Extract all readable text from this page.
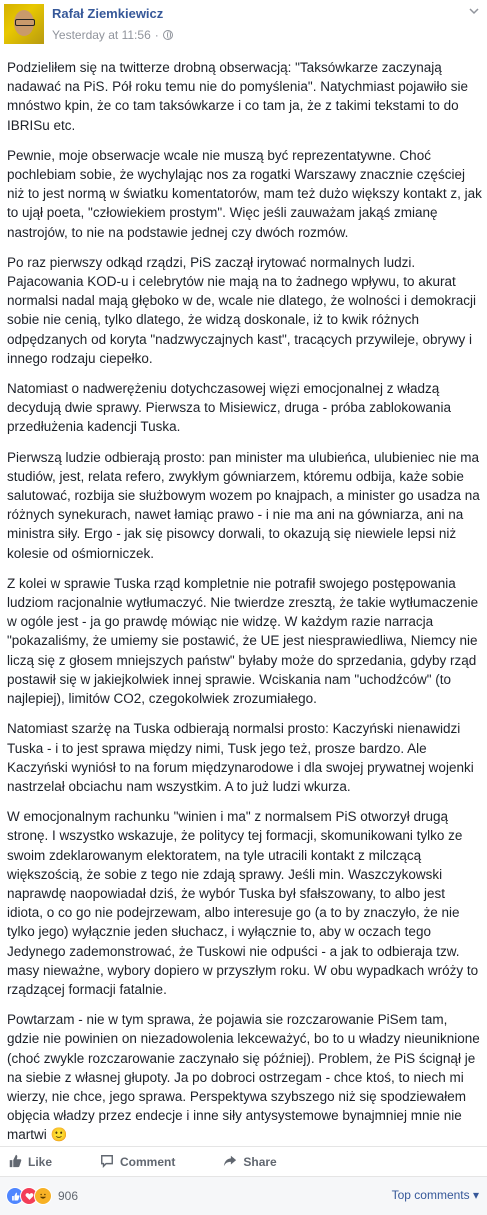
Rafał Ziemkiewicz
Yesterday at 11:56 ·

Podzieliłem się na twitterze drobną obserwacją: "Taksówkarze zaczynają nadawać na PiS. Pół roku temu nie do pomyślenia". Natychmiast pojawiło sie mnóstwo kpin, że co tam taksówkarze i co tam ja, że z takimi tekstami to do IBRISu etc.

Pewnie, moje obserwacje wcale nie muszą być reprezentatywne. Choć pochlebiam sobie, że wychylając nos za rogatki Warszawy znacznie częściej niż to jest normą w światku komentatorów, mam też dużo większy kontakt z, jak to ujął poeta, "człowiekiem prostym". Więc jeśli zauważam jakąś zmianę nastrojów, to nie na podstawie jednej czy dwóch rozmów.

Po raz pierwszy odkąd rządzi, PiS zaczął irytować normalnych ludzi. Pajacowania KOD-u i celebrytów nie mają na to żadnego wpływu, to akurat normalsi nadal mają głęboko w de, wcale nie dlatego, że wolności i demokracji sobie nie cenią, tylko dlatego, że widzą doskonale, iż to kwik różnych odpędzanych od koryta "nadzwyczajnych kast", tracących przywileje, obrywy i innego rodzaju ciepełko.

Natomiast o nadwerężeniu dotychczasowej więzi emocjonalnej z władzą decydują dwie sprawy. Pierwsza to Misiewicz, druga - próba zablokowania przedłużenia kadencji Tuska.

Pierwszą ludzie odbierają prosto: pan minister ma ulubieńca, ulubieniec nie ma studiów, jest, relata refero, zwykłym gówniarzem, któremu odbija, każe sobie salutować, rozbija sie służbowym wozem po knajpach, a minister go usadza na różnych synekurach, nawet łamiąc prawo - i nie ma ani na gówniarza, ani na ministra siły. Ergo - jak się pisowcy dorwali, to okazują się niewiele lepsi niż kolesie od ośmiorniczek.

Z kolei w sprawie Tuska rząd kompletnie nie potrafił swojego postępowania ludziom racjonalnie wytłumaczyć. Nie twierdze zresztą, że takie wytłumaczenie w ogóle jest - ja go prawdę mówiąc nie widzę. W każdym razie narracja "pokazaliśmy, że umiemy sie postawić, że UE jest niesprawiedliwa, Niemcy nie liczą się z głosem mniejszych państw" byłaby może do sprzedania, gdyby rząd postawił się w jakiejkolwiek innej sprawie. Wciskania nam "uchodźców" (to najlepiej), limitów CO2, czegokolwiek zrozumiałego.

Natomiast szarżę na Tuska odbierają normalsi prosto: Kaczyński nienawidzi Tuska - i to jest sprawa między nimi, Tusk jego też, prosze bardzo. Ale Kaczyński wyniósł to na forum międzynarodowe i dla swojej prywatnej wojenki nastrzelał obciachu nam wszystkim. A to już ludzi wkurza.

W emocjonalnym rachunku "winien i ma" z normalsem PiS otworzył drugą stronę. I wszystko wskazuje, że politycy tej formacji, skomunikowani tylko ze swoim zdeklarowanym elektoratem, na tyle utracili kontakt z milczącą większością, że sobie z tego nie zdają sprawy. Jeśli min. Waszczykowski naprawdę naopowiadał dziś, że wybór Tuska był sfałszowany, to albo jest idiota, o co go nie podejrzewam, albo interesuje go (a to by znaczyło, że nie tylko jego) wyłącznie jeden słuchacz, i wyłącznie to, aby w oczach tego Jedynego zademonstrować, że Tuskowi nie odpuści - a jak to odbieraja tzw. masy nieważne, wybory dopiero w przyszłym roku. W obu wypadkach wróży to rządzącej formacji fatalnie.

Powtarzam - nie w tym sprawa, że pojawia sie rozczarowanie PiSem tam, gdzie nie powinien on niezadowolenia lekceważyć, bo to u władzy nieuniknione (choć zwykle rozczarowanie zaczynało się później). Problem, że PiS ścignął je na siebie z własnej głupoty. Ja po dobroci ostrzegam - chce ktoś, to niech mi wierzy, nie chce, jego sprawa. Perspektywa szybszego niż się spodziewałem objęcia władzy przez endecje i inne siły antysystemowe bynajmniej mnie nie martwi 🙂

Like	Comment	Share
906	Top comments ▾
